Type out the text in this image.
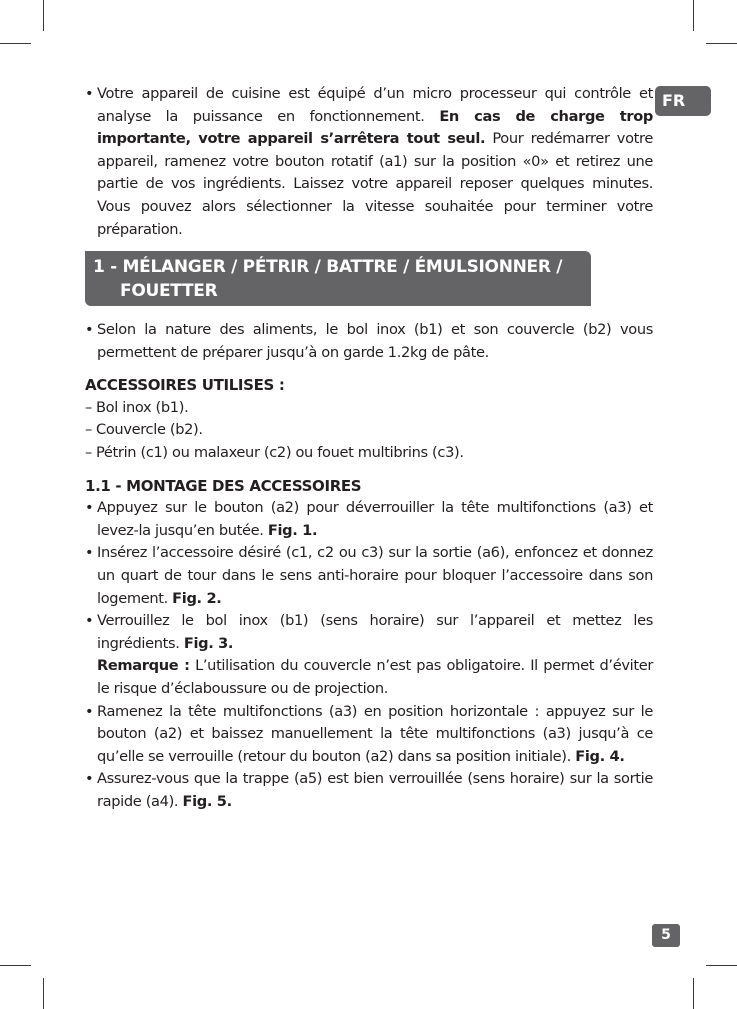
FR

• Votre appareil de cuisine est équipé d’un micro processeur qui contrôle et analyse la puissance en fonctionnement. En cas de charge trop importante, votre appareil s’arrêtera tout seul. Pour redémarrer votre appareil, ramenez votre bouton rotatif (a1) sur la position «0» et retirez une partie de vos ingrédients. Laissez votre appareil reposer quelques minutes. Vous pouvez alors sélectionner la vitesse souhaitée pour terminer votre préparation.

1 - MÉLANGER / PÉTRIR / BATTRE / ÉMULSIONNER /
FOUETTER

• Selon la nature des aliments, le bol inox (b1) et son couvercle (b2) vous permettent de préparer jusqu’à on garde 1.2kg de pâte.

ACCESSOIRES UTILISES :

– Bol inox (b1).

– Couvercle (b2).

– Pétrin (c1) ou malaxeur (c2) ou fouet multibrins (c3).

1.1 - MONTAGE DES ACCESSOIRES

• Appuyez sur le bouton (a2) pour déverrouiller la tête multifonctions (a3) et levez-la jusqu’en butée. Fig. 1.

• Insérez l’accessoire désiré (c1, c2 ou c3) sur la sortie (a6), enfoncez et donnez un quart de tour dans le sens anti-horaire pour bloquer l’accessoire dans son logement. Fig. 2.

• Verrouillez le bol inox (b1) (sens horaire) sur l’appareil et mettez les ingrédients. Fig. 3.
Remarque : L’utilisation du couvercle n’est pas obligatoire. Il permet d’éviter le risque d’éclaboussure ou de projection.

• Ramenez la tête multifonctions (a3) en position horizontale : appuyez sur le bouton (a2) et baissez manuellement la tête multifonctions (a3) jusqu’à ce qu’elle se verrouille (retour du bouton (a2) dans sa position initiale). Fig. 4.

• Assurez-vous que la trappe (a5) est bien verrouillée (sens horaire) sur la sortie rapide (a4). Fig. 5.

5
